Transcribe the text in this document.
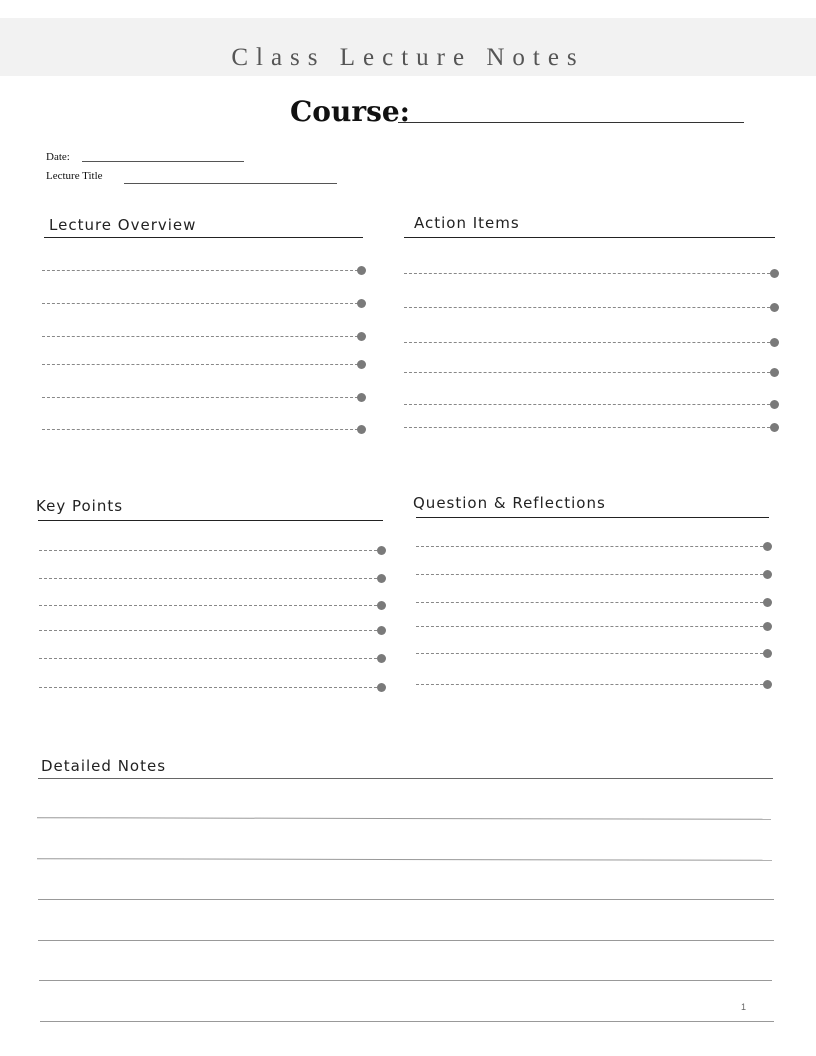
Class Lecture Notes
Course:
Date:
Lecture Title
Lecture Overview	Action Items
Key Points	Question & Reflections
Detailed Notes
1
